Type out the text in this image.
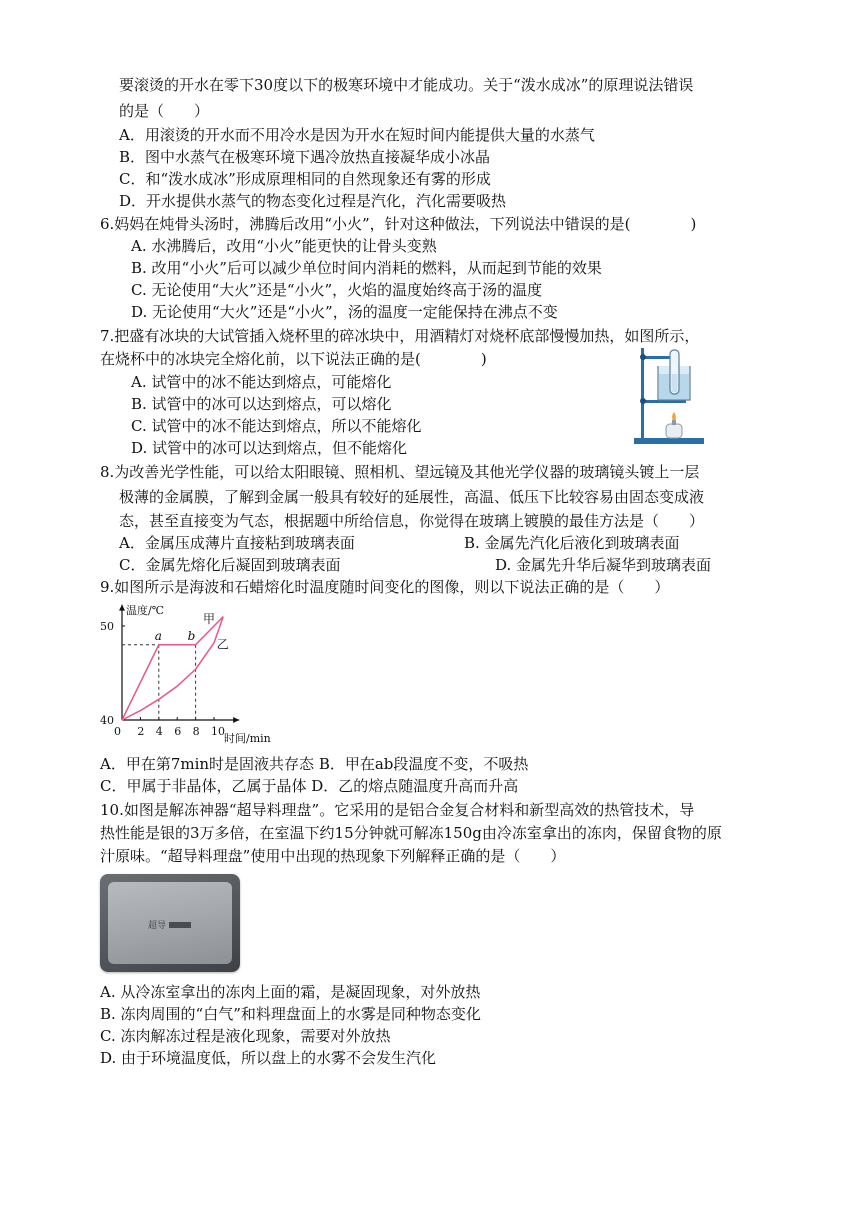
要滚烫的开水在零下30度以下的极寒环境中才能成功。关于“泼水成冰”的原理说法错误
的是（　　）
A．用滚烫的开水而不用冷水是因为开水在短时间内能提供大量的水蒸气
B．图中水蒸气在极寒环境下遇冷放热直接凝华成小冰晶
C．和“泼水成冰”形成原理相同的自然现象还有雾的形成
D．开水提供水蒸气的物态变化过程是汽化，汽化需要吸热
6.妈妈在炖骨头汤时，沸腾后改用“小火”，针对这种做法，下列说法中错误的是(　　　　)
A. 水沸腾后，改用“小火”能更快的让骨头变熟
B. 改用“小火”后可以减少单位时间内消耗的燃料，从而起到节能的效果
C. 无论使用“大火”还是“小火”，火焰的温度始终高于汤的温度
D. 无论使用“大火”还是“小火”，汤的温度一定能保持在沸点不变
7.把盛有冰块的大试管插入烧杯里的碎冰块中，用酒精灯对烧杯底部慢慢加热，如图所示，
在烧杯中的冰块完全熔化前，以下说法正确的是(　　　　)
A. 试管中的冰不能达到熔点，可能熔化
B. 试管中的冰可以达到熔点，可以熔化
C. 试管中的冰不能达到熔点，所以不能熔化
D. 试管中的冰可以达到熔点，但不能熔化
8.为改善光学性能，可以给太阳眼镜、照相机、望远镜及其他光学仪器的玻璃镜头镀上一层
极薄的金属膜，了解到金属一般具有较好的延展性，高温、低压下比较容易由固态变成液
态，甚至直接变为气态，根据题中所给信息，你觉得在玻璃上镀膜的最佳方法是（　　）
A．金属压成薄片直接粘到玻璃表面	B. 金属先汽化后液化到玻璃表面
C．金属先熔化后凝固到玻璃表面	D. 金属先升华后凝华到玻璃表面
9.如图所示是海波和石蜡熔化时温度随时间变化的图像，则以下说法正确的是（　　）
0 2 4 6 8 10
40
50
a b
甲
乙
温度/℃
时间/min
A．甲在第7min时是固液共存态 B．甲在ab段温度不变，不吸热
C．甲属于非晶体，乙属于晶体 D．乙的熔点随温度升高而升高
10.如图是解冻神器“超导料理盘”。它采用的是铝合金复合材料和新型高效的热管技术，导
热性能是银的3万多倍，在室温下约15分钟就可解冻150g由冷冻室拿出的冻肉，保留食物的原
汁原味。“超导料理盘”使用中出现的热现象下列解释正确的是（　　）
超导
A. 从冷冻室拿出的冻肉上面的霜，是凝固现象，对外放热
B. 冻肉周围的“白气”和料理盘面上的水雾是同种物态变化
C. 冻肉解冻过程是液化现象，需要对外放热
D. 由于环境温度低，所以盘上的水雾不会发生汽化
